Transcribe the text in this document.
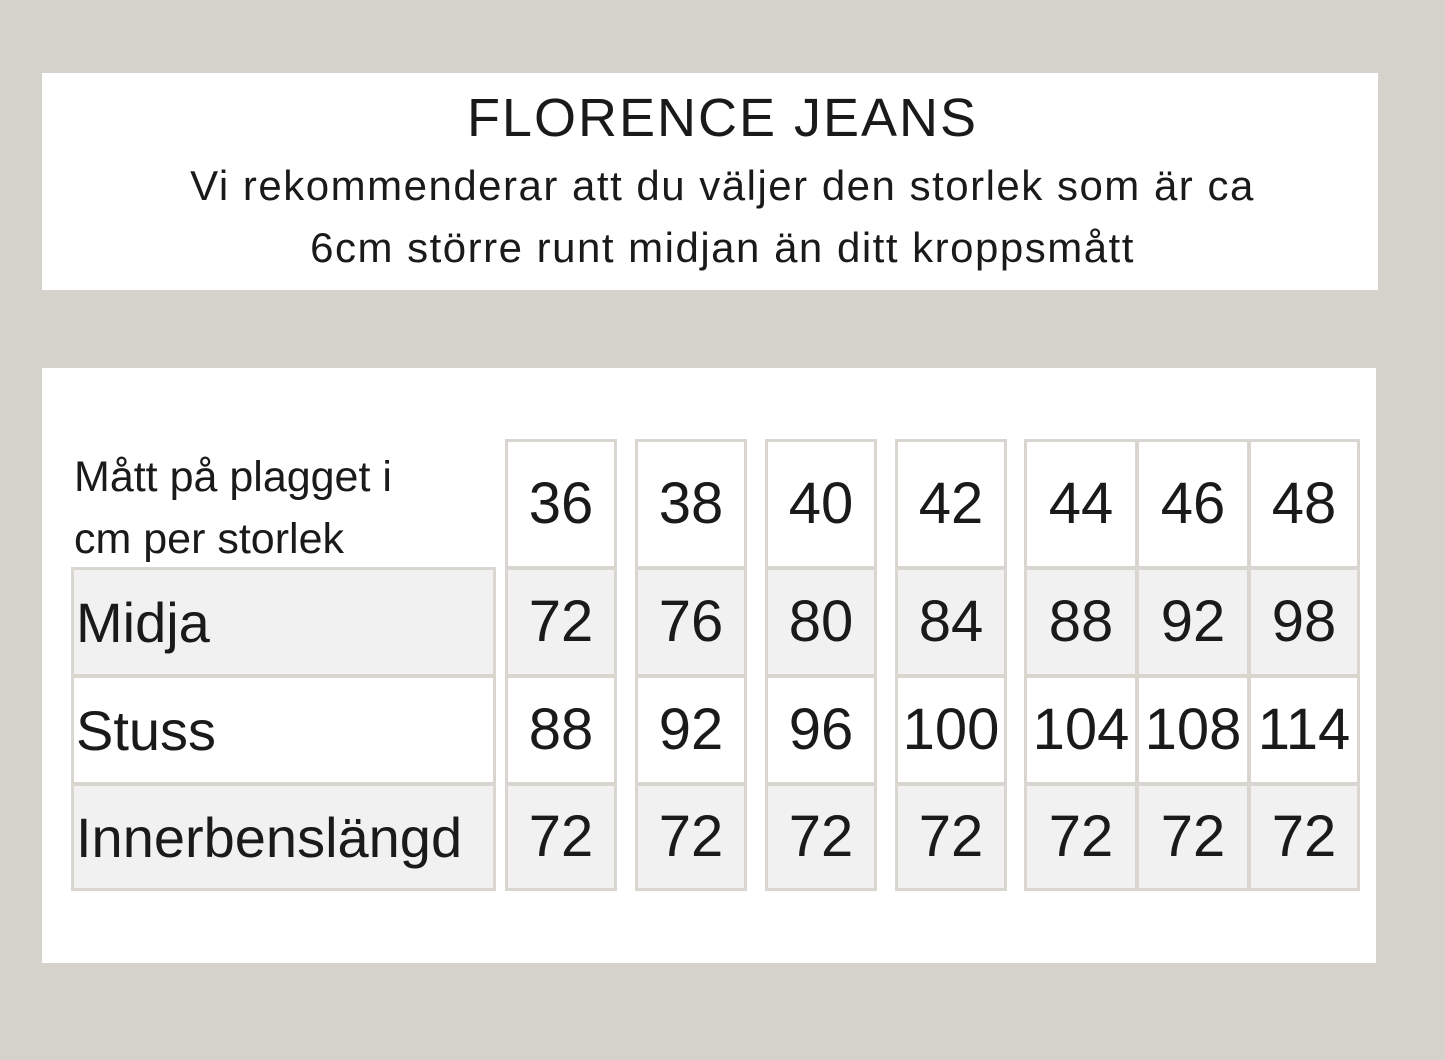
FLORENCE JEANS
Vi rekommenderar att du väljer den storlek som är ca
6cm större runt midjan än ditt kroppsmått
Mått på plagget i
cm per storlek
36	38	40	42	44 46 48
Midja	72	76	80	84	88 92 98
Stuss	88	92	96 100 104 108 114
Innerbenslängd	72	72	72	72	72 72 72
